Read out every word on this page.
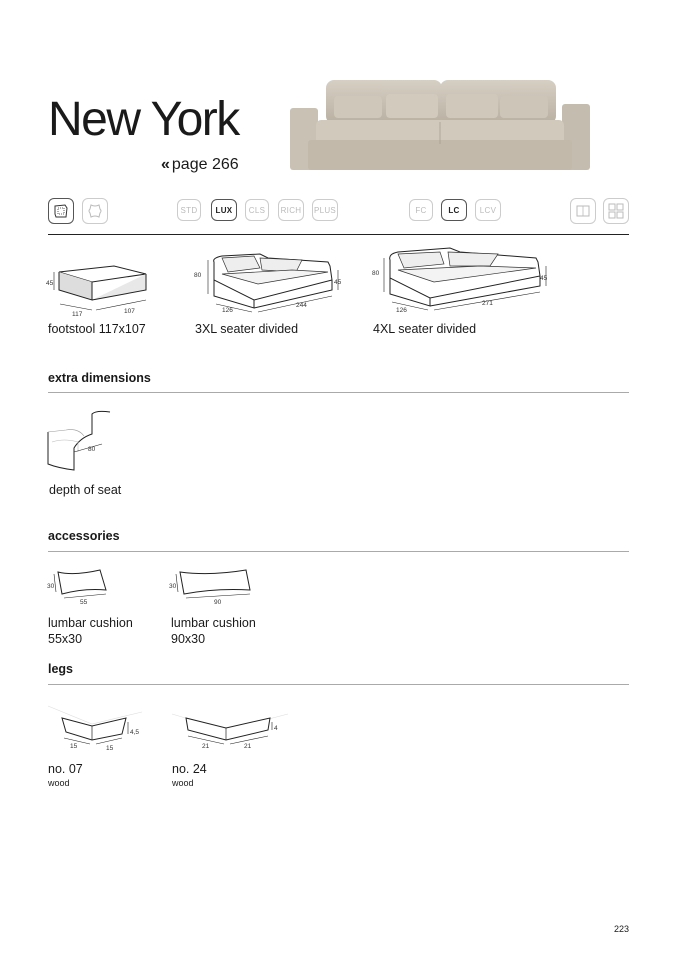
New York
« page 266
STD	LUX	CLS	RICH	PLUS	FC	LC	LCV
45
117	107
footstool 117x107
80
45
126
244
3XL seater divided
80
45
126
271
4XL seater divided
extra dimensions
80
depth of seat
accessories
30
55
lumbar cushion
55x30
30
90
lumbar cushion
90x30
legs
15	15
4,5
no. 07
wood
21	21
4
no. 24
wood
223
